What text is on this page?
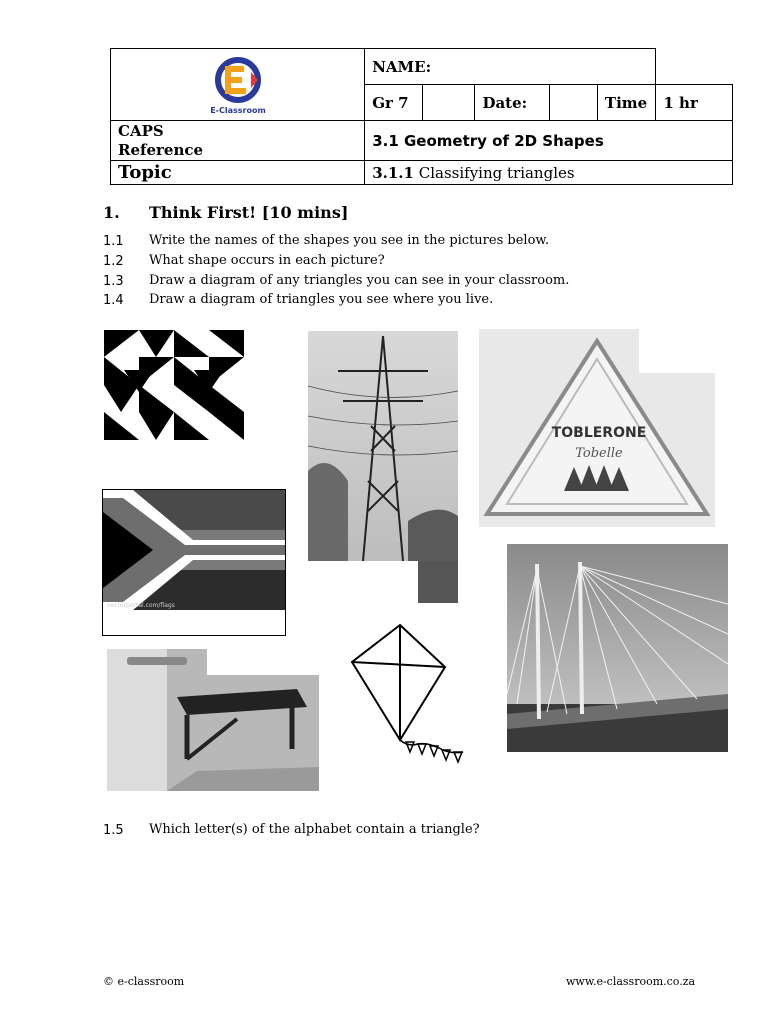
E-Classroom	NAME:					
	Gr 7		Date:		Time	1 hr
CAPS
Reference	3.1 Geometry of 2D Shapes					
Topic	3.1.1 Classifying triangles					
1. Think First! [10 mins]
1.1 Write the names of the shapes you see in the pictures below.
1.2 What shape occurs in each picture?
1.3 Draw a diagram of any triangles you can see in your classroom.
1.4 Draw a diagram of triangles you see where you live.
TOBLERONE
Tobelle
vectorportal.com/flags
1.5 Which letter(s) of the alphabet contain a triangle?
© e-classroom	www.e-classroom.co.za
